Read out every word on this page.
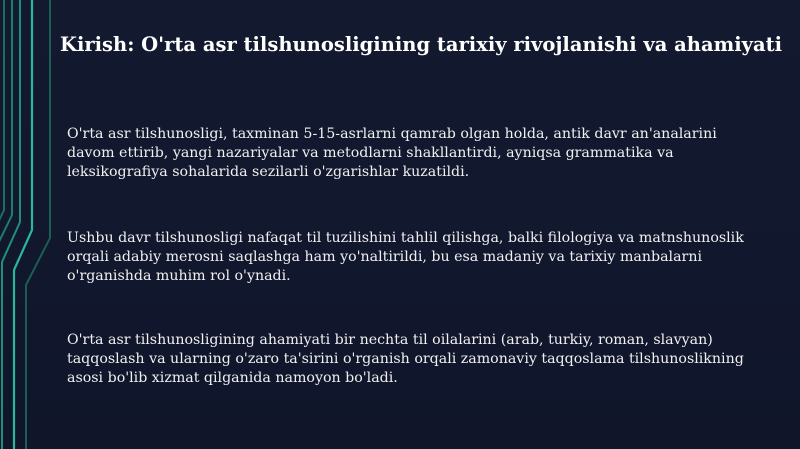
Kirish: O'rta asr tilshunosligining tarixiy rivojlanishi va ahamiyati
O'rta asr tilshunosligi, taxminan 5-15-asrlarni qamrab olgan holda, antik davr an'analarini davom ettirib, yangi nazariyalar va metodlarni shakllantirdi, ayniqsa grammatika va leksikografiya sohalarida sezilarli o'zgarishlar kuzatildi.
Ushbu davr tilshunosligi nafaqat til tuzilishini tahlil qilishga, balki filologiya va matnshunoslik orqali adabiy merosni saqlashga ham yo'naltirildi, bu esa madaniy va tarixiy manbalarni o'rganishda muhim rol o'ynadi.
O'rta asr tilshunosligining ahamiyati bir nechta til oilalarini (arab, turkiy, roman, slavyan) taqqoslash va ularning o'zaro ta'sirini o'rganish orqali zamonaviy taqqoslama tilshunoslikning asosi bo'lib xizmat qilganida namoyon bo'ladi.
